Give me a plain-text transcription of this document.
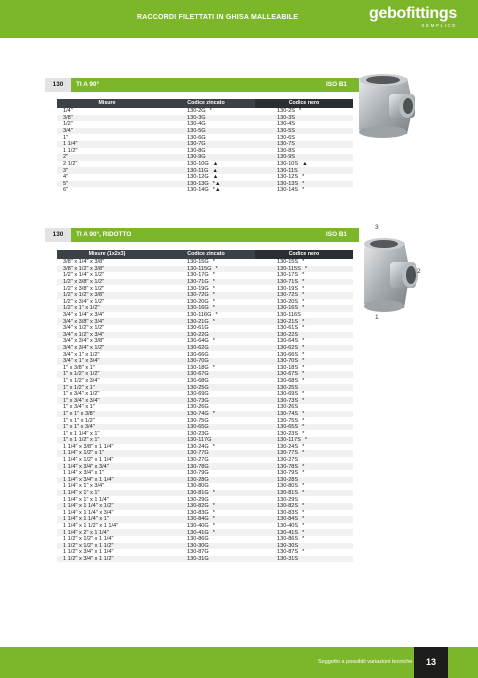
RACCORDI FILETTATI IN GHISA MALLEABILE	gebofittings
SEMPLICE
130	TI A 90°	ISO B1
Misure	Codice zincato	Codice nero
1/4"	130-2G *	130-2S *
3/8"	130-3G	130-3S
1/2"	130-4G	130-4S
3/4"	130-5G	130-5S
1"	130-6G	130-6S
1 1/4"	130-7G	130-7S
1 1/2"	130-8G	130-8S
2"	130-9G	130-9S
2 1/2"	130-10G ▲	130-10S ▲
3"	130-11G ▲	130-11S
4"	130-12G ▲	130-12S *
5"	130-13G *▲	130-13S *
6"	130-14G *▲	130-14S *
130	TI A 90°, RIDOTTO	ISO B1
Misure (1x2x3)	Codice zincato	Codice nero
3/8" x 1/4" x 3/8"	130-15G *	130-15S *
3/8" x 1/2" x 3/8"	130-115G *	130-115S *
1/2" x 1/4" x 1/2"	130-17G *	130-17S *
1/2" x 3/8" x 1/2"	130-71G *	130-71S *
1/2" x 3/8" x 1/2"	130-19G *	130-19S *
1/2" x 1/2" x 3/8"	130-72G *	130-72S *
1/2" x 3/4" x 1/2"	130-20G *	130-20S *
1/2" x 1" x 1/2"	130-16G *	130-16S *
3/4" x 1/4" x 3/4"	130-116G *	130-116S
3/4" x 3/8" x 3/4"	130-21G *	130-21S *
3/4" x 1/2" x 1/2"	130-61G	130-61S *
3/4" x 1/2" x 3/4"	130-22G	130-22S
3/4" x 3/4" x 3/8"	130-64G *	130-64S *
3/4" x 3/4" x 1/2"	130-62G	130-62S *
3/4" x 1" x 1/2"	130-66G	130-66S *
3/4" x 1" x 3/4"	130-70G	130-70S *
1" x 3/8" x 1"	130-18G *	130-18S *
1" x 1/2" x 1/2"	130-67G	130-67S *
1" x 1/2" x 3/4"	130-68G	130-68S *
1" x 1/2" x 1"	130-25G	130-25S
1" x 3/4" x 1/2"	130-69G	130-69S *
1" x 3/4" x 3/4"	130-73G	130-73S *
1" x 3/4" x 1"	130-26G	130-26S
1" x 1" x 3/8"	130-74G *	130-74S *
1" x 1" x 1/2"	130-75G	130-75S *
1" x 1" x 3/4"	130-65G	130-65S *
1" x 1 1/4" x 1"	130-23G	130-23S *
1" x 1 1/2" x 1"	130-117G	130-117S *
1 1/4" x 3/8" x 1 1/4"	130-24G *	130-24S *
1 1/4" x 1/2" x 1"	130-77G	130-77S *
1 1/4" x 1/2" x 1 1/4"	130-27G	130-27S
1 1/4" x 3/4" x 3/4"	130-78G	130-78S *
1 1/4" x 3/4" x 1"	130-79G	130-79S *
1 1/4" x 3/4" x 1 1/4"	130-28G	130-28S
1 1/4" x 1" x 3/4"	130-80G	130-80S *
1 1/4" x 1" x 1"	130-81G *	130-81S *
1 1/4" x 1" x 1 1/4"	130-29G	130-29S
1 1/4" x 1 1/4" x 1/2"	130-82G *	130-82S *
1 1/4" x 1 1/4" x 3/4"	130-83G *	130-83S *
1 1/4" x 1 1/4" x 1"	130-84G *	130-84S *
1 1/4" x 1 1/2" x 1 1/4"	130-40G *	130-40S *
1 1/4" x 2" x 1 1/4"	130-41G *	130-41S *
1 1/2" x 1/2" x 1 1/4"	130-86G	130-86S *
1 1/2" x 1/2" x 1 1/2"	130-30G	130-30S
1 1/2" x 3/4" x 1 1/4"	130-87G	130-87S *
1 1/2" x 3/4" x 1 1/2"	130-31G	130-31S
3
2
1
Soggetto a possibili variazioni tecniche	13
